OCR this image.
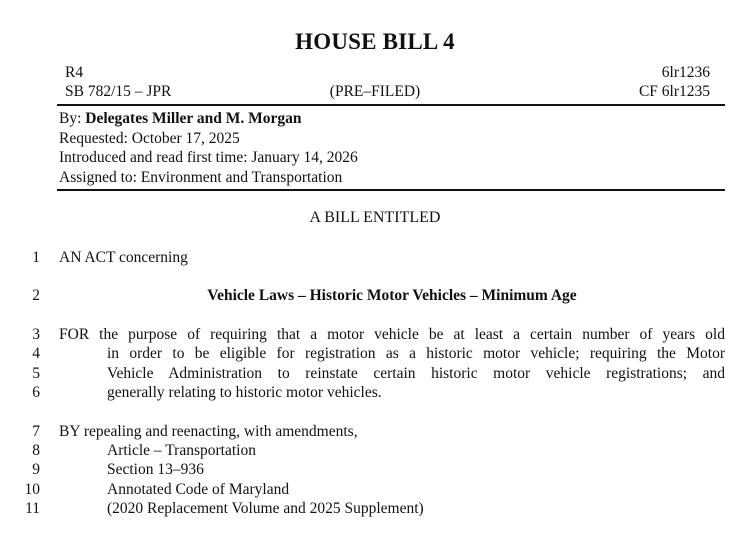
HOUSE BILL 4
R4	6lr1236
SB 782/15 – JPR	(PRE–FILED)	CF 6lr1235
By: Delegates Miller and M. Morgan
Requested: October 17, 2025
Introduced and read first time: January 14, 2026
Assigned to: Environment and Transportation
A BILL ENTITLED
1 AN ACT concerning
2	Vehicle Laws – Historic Motor Vehicles – Minimum Age
3 FOR the purpose of requiring that a motor vehicle be at least a certain number of years old
4	in order to be eligible for registration as a historic motor vehicle; requiring the Motor
5	Vehicle Administration to reinstate certain historic motor vehicle registrations; and
6	generally relating to historic motor vehicles.
7 BY repealing and reenacting, with amendments,
8	Article – Transportation
9	Section 13–936
10	Annotated Code of Maryland
11	(2020 Replacement Volume and 2025 Supplement)
